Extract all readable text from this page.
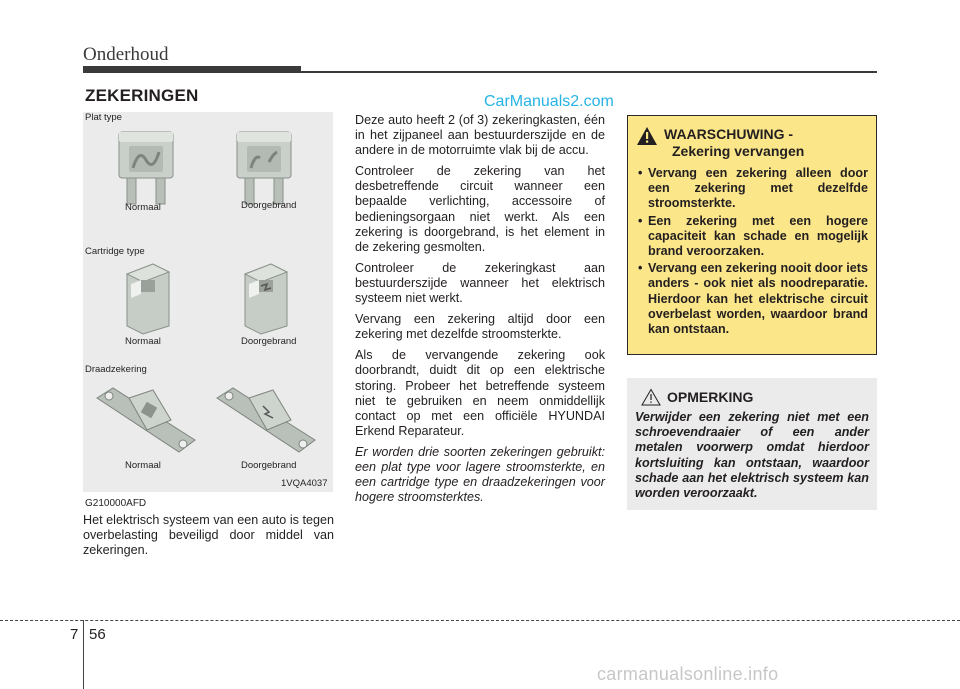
Onderhoud
ZEKERINGEN	CarManuals2.com
Plat type
Normaal	Doorgebrand
Cartridge type
Normaal	Doorgebrand
Draadzekering
Normaal	Doorgebrand
1VQA4037
G210000AFD

Het elektrisch systeem van een auto is tegen overbelasting beveiligd door middel van zekeringen.

Deze auto heeft 2 (of 3) zekeringkasten, één in het zijpaneel aan bestuurderszijde en de andere in de motorruimte vlak bij de accu.

Controleer de zekering van het desbetreffende circuit wanneer een bepaalde verlichting, accessoire of bedieningsorgaan niet werkt. Als een zekering is doorgebrand, is het element in de zekering gesmolten.

Controleer de zekeringkast aan bestuurderszijde wanneer het elektrisch systeem niet werkt.

Vervang een zekering altijd door een zekering met dezelfde stroomsterkte.

Als de vervangende zekering ook doorbrandt, duidt dit op een elektrische storing. Probeer het betreffende systeem niet te gebruiken en neem onmiddellijk contact op met een officiële HYUNDAI Erkend Reparateur.

Er worden drie soorten zekeringen gebruikt: een plat type voor lagere stroomsterkte, en een cartridge type en draadzekeringen voor hogere stroomsterktes.

WAARSCHUWING -
Zekering vervangen
• Vervang een zekering alleen door een zekering met dezelfde stroomsterkte.
• Een zekering met een hogere capaciteit kan schade en mogelijk brand veroorzaken.
• Vervang een zekering nooit door iets anders - ook niet als noodreparatie. Hierdoor kan het elektrische circuit overbelast worden, waardoor brand kan ontstaan.
OPMERKING

Verwijder een zekering niet met een schroevendraaier of een ander metalen voorwerp omdat hierdoor kortsluiting kan ontstaan, waardoor schade aan het elektrisch systeem kan worden veroorzaakt.

7 56
carmanualsonline.info
